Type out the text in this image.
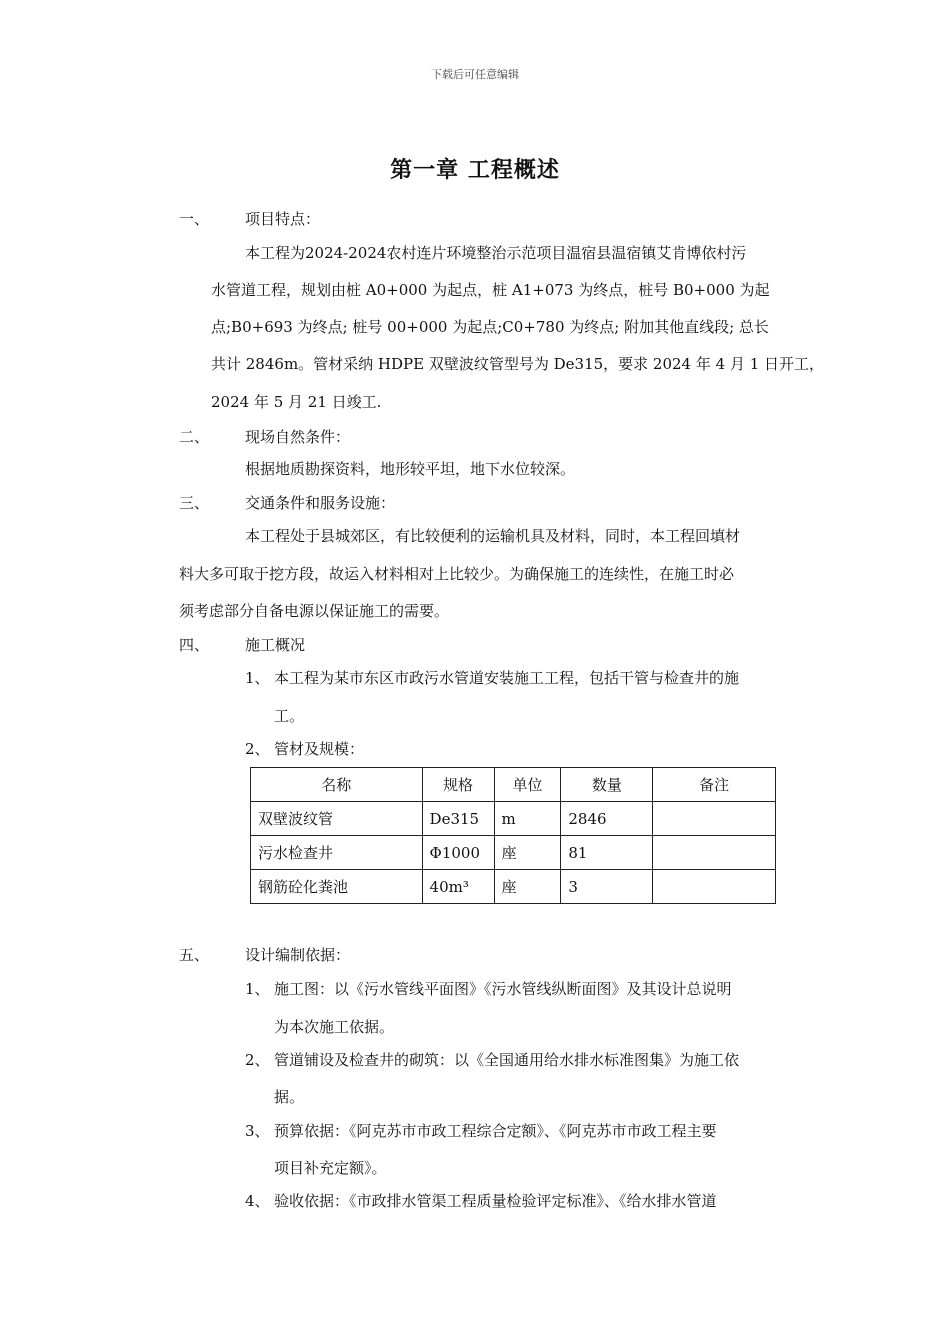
下载后可任意编辑
第一章 工程概述
一、	项目特点：
本工程为2024-2024农村连片环境整治示范项目温宿县温宿镇艾肯博依村污
水管道工程，规划由桩 A0+000 为起点，桩 A1+073 为终点，桩号 B0+000 为起
点;B0+693 为终点; 桩号 00+000 为起点;C0+780 为终点; 附加其他直线段; 总长
共计 2846m。管材采纳 HDPE 双壁波纹管型号为 De315，要求 2024 年 4 月 1 日开工，
2024 年 5 月 21 日竣工.
二、	现场自然条件：
根据地质勘探资料，地形较平坦，地下水位较深。
三、	交通条件和服务设施：
本工程处于县城郊区，有比较便利的运输机具及材料，同时，本工程回填材
料大多可取于挖方段，故运入材料相对上比较少。为确保施工的连续性，在施工时必
须考虑部分自备电源以保证施工的需要。
四、	施工概况
1、 本工程为某市东区市政污水管道安装施工工程，包括干管与检查井的施
工。
2、 管材及规模：
名称	规格	单位	数量	备注
双壁波纹管	De315	m	2846	
污水检查井	Φ1000	座	81	
钢筋砼化粪池	40m³	座	3	
五、	设计编制依据：
1、 施工图：以《污水管线平面图》《污水管线纵断面图》及其设计总说明
为本次施工依据。
2、 管道铺设及检查井的砌筑：以《全国通用给水排水标准图集》为施工依
据。
3、 预算依据：《阿克苏市市政工程综合定额》、《阿克苏市市政工程主要
项目补充定额》。
4、 验收依据：《市政排水管渠工程质量检验评定标准》、《给水排水管道
